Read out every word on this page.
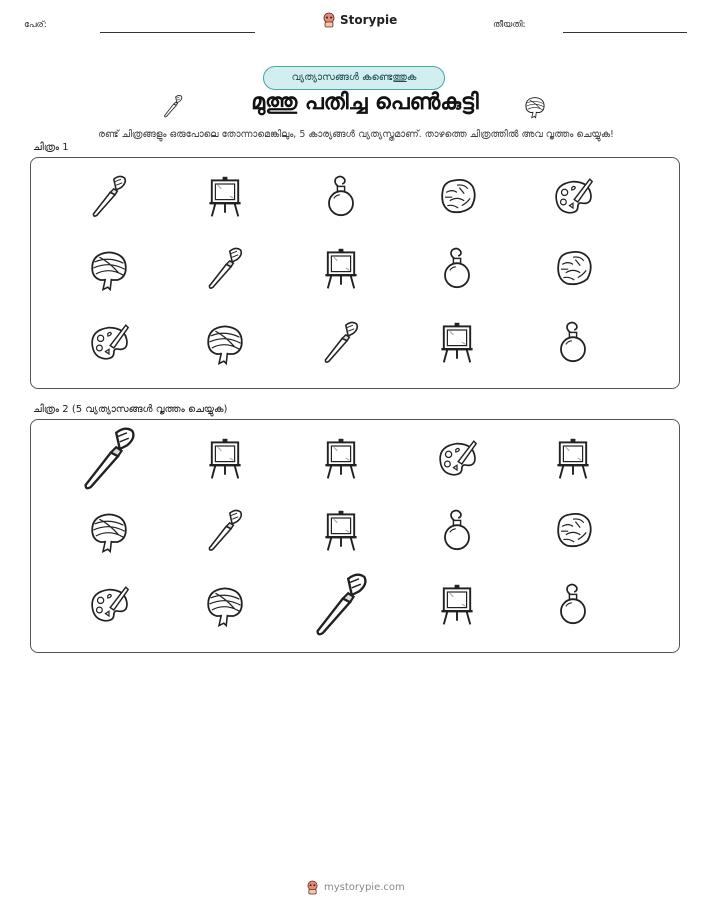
പേര്:	Storypie	തീയതി:
വ്യത്യാസങ്ങൾ കണ്ടെത്തുക
മുത്തു പതിച്ച പെൺകുട്ടി
രണ്ട് ചിത്രങ്ങളും ഒരുപോലെ തോന്നാമെങ്കിലും, 5 കാര്യങ്ങൾ വ്യത്യസ്തമാണ്. താഴത്തെ ചിത്രത്തിൽ അവ വൃത്തം ചെയ്യുക!
ചിത്രം 1
ചിത്രം 2 (5 വ്യത്യാസങ്ങൾ വൃത്തം ചെയ്യുക)
mystorypie.com
